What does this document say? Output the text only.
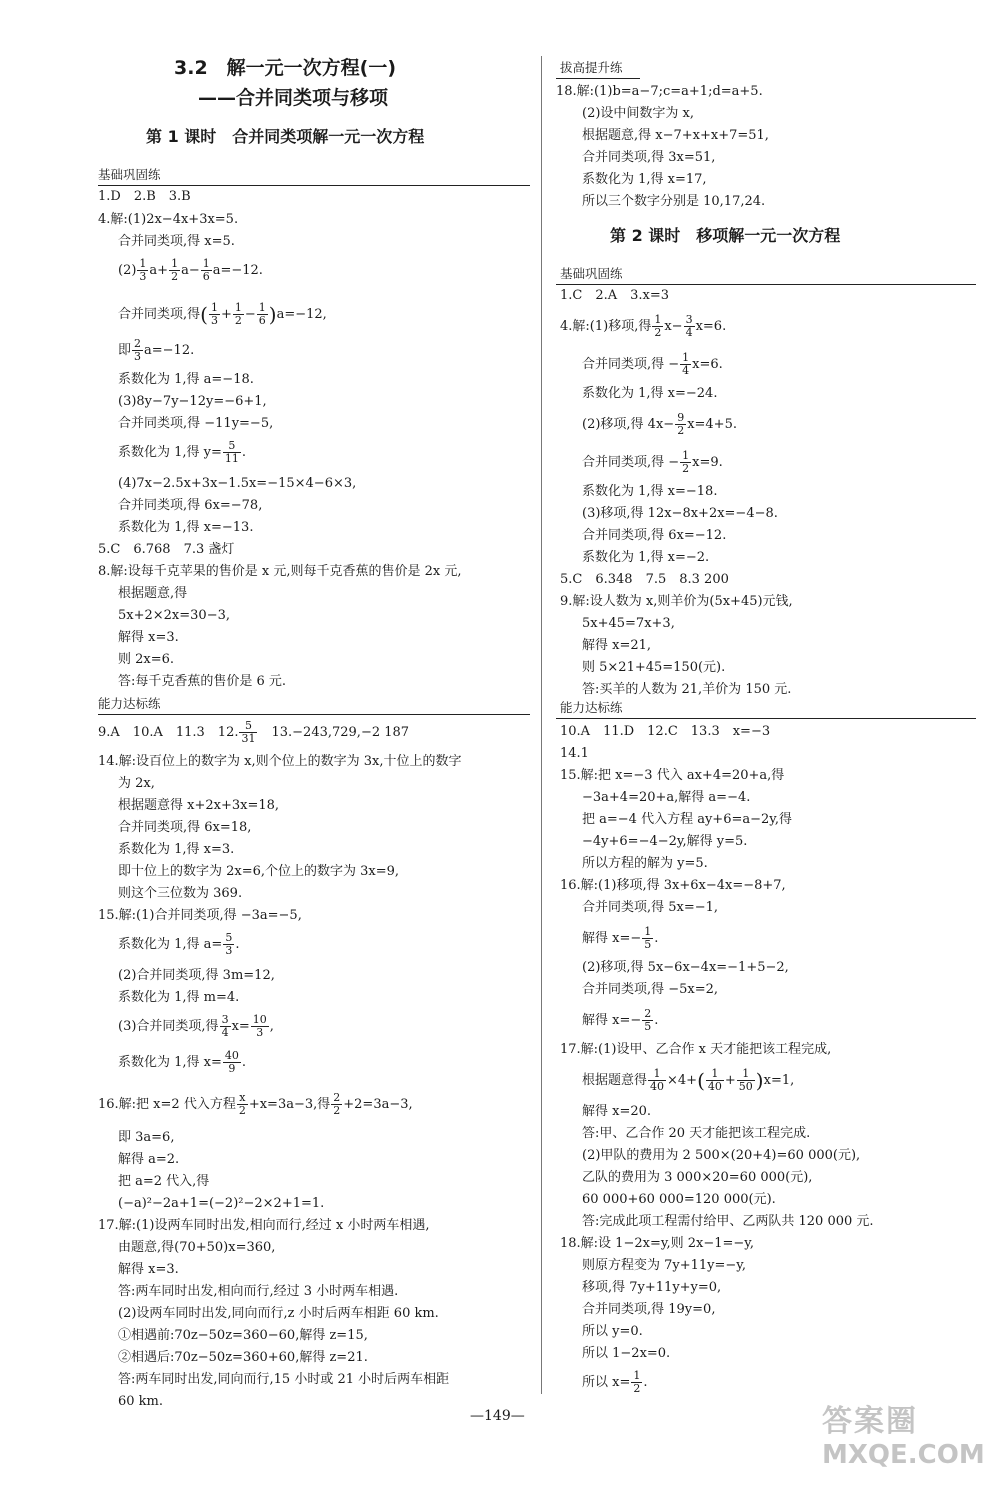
3.2　解一元一次方程(一)
——合并同类项与移项
第 1 课时　合并同类项解一元一次方程
基础巩固练
1.D　2.B　3.B
4.解:(1)2x−4x+3x=5.
合并同类项,得 x=5.
$(2) \frac{1}{3} a+ \frac{1}{2} a- \frac{1}{6} a=-12$.
合并同类项,得( $\frac{1}{3} + \frac{1}{2} - \frac{1}{6} )a=-12$,
即 $\frac{2}{3} a=-12$.
系数化为 1,得 a=−18.
(3)8y−7y−12y=−6+1,
合并同类项,得 −11y=−5,
系数化为 1,得 $y= \frac{5}{11}$ .
(4)7x−2.5x+3x−1.5x=−15×4−6×3,
合并同类项,得 6x=−78,
系数化为 1,得 x=−13.
5.C　6.768　7.3 盏灯
8.解:设每千克苹果的售价是 x 元,则每千克香蕉的售价是 2x 元,
根据题意,得
5x+2×2x=30−3,
解得 x=3.
则 2x=6.
答:每千克香蕉的售价是 6 元.
能力达标练
9.A　10.A　11.3　12. $\frac{5}{31}$ 　13.−243,729,−2 187
14.解:设百位上的数字为 x,则个位上的数字为 3x,十位上的数字
为 2x,
根据题意得 x+2x+3x=18,
合并同类项,得 6x=18,
系数化为 1,得 x=3.
即十位上的数字为 2x=6,个位上的数字为 3x=9,
则这个三位数为 369.
15.解:(1)合并同类项,得 −3a=−5,
系数化为 1,得 $a= \frac{5}{3}$ .
(2)合并同类项,得 3m=12,
系数化为 1,得 m=4.
(3)合并同类项,得 $\frac{3}{4} x= \frac{10}{3}$ ,
系数化为 1,得 $x= \frac{40}{9}$ .
16.解:把 x=2 代入方程 $\frac{x}{2} +x=3a-3$,得 $\frac{2}{2} +2=3a-3$,
即 3a=6,
解得 a=2.
把 a=2 代入,得
(−a)²−2a+1=(−2)²−2×2+1=1.
17.解:(1)设两车同时出发,相向而行,经过 x 小时两车相遇,
由题意,得(70+50)x=360,
解得 x=3.
答:两车同时出发,相向而行,经过 3 小时两车相遇.
(2)设两车同时出发,同向而行,z 小时后两车相距 60 km.
①相遇前:70z−50z=360−60,解得 z=15,
②相遇后:70z−50z=360+60,解得 z=21.
答:两车同时出发,同向而行,15 小时或 21 小时后两车相距
60 km.
拔高提升练
18.解:(1)b=a−7;c=a+1;d=a+5.
(2)设中间数字为 x,
根据题意,得 x−7+x+x+7=51,
合并同类项,得 3x=51,
系数化为 1,得 x=17,
所以三个数字分别是 10,17,24.
第 2 课时　移项解一元一次方程
基础巩固练
1.C　2.A　3.x=3
4.解:(1)移项,得 $\frac{1}{2} x- \frac{3}{4} x=6$.
合并同类项,得 − $\frac{1}{4} x=6$.
系数化为 1,得 x=−24.
(2)移项,得 $4x- \frac{9}{2} x=4+5$.
合并同类项,得 − $\frac{1}{2} x=9$.
系数化为 1,得 x=−18.
(3)移项,得 12x−8x+2x=−4−8.
合并同类项,得 6x=−12.
系数化为 1,得 x=−2.
5.C　6.348　7.5　8.3 200
9.解:设人数为 x,则羊价为(5x+45)元钱,
5x+45=7x+3,
解得 x=21,
则 5×21+45=150(元).
答:买羊的人数为 21,羊价为 150 元.
能力达标练
10.A　11.D　12.C　13.3　x=−3
14.1
15.解:把 x=−3 代入 ax+4=20+a,得
−3a+4=20+a,解得 a=−4.
把 a=−4 代入方程 ay+6=a−2y,得
−4y+6=−4−2y,解得 y=5.
所以方程的解为 y=5.
16.解:(1)移项,得 3x+6x−4x=−8+7,
合并同类项,得 5x=−1,
解得 $x=- \frac{1}{5}$ .
(2)移项,得 5x−6x−4x=−1+5−2,
合并同类项,得 −5x=2,
解得 $x=- \frac{2}{5}$ .
17.解:(1)设甲、乙合作 x 天才能把该工程完成,
根据题意得 $\frac{1}{40} \times 4+( \frac{1}{40} + \frac{1}{50} )x=1$,
解得 x=20.
答:甲、乙合作 20 天才能把该工程完成.
(2)甲队的费用为 2 500×(20+4)=60 000(元),
乙队的费用为 3 000×20=60 000(元),
60 000+60 000=120 000(元).
答:完成此项工程需付给甲、乙两队共 120 000 元.
18.解:设 1−2x=y,则 2x−1=−y,
则原方程变为 7y+11y=−y,
移项,得 7y+11y+y=0,
合并同类项,得 19y=0,
所以 y=0.
所以 1−2x=0.
所以 $x= \frac{1}{2}$ .
—149—	答案圈
MXQE.COM
